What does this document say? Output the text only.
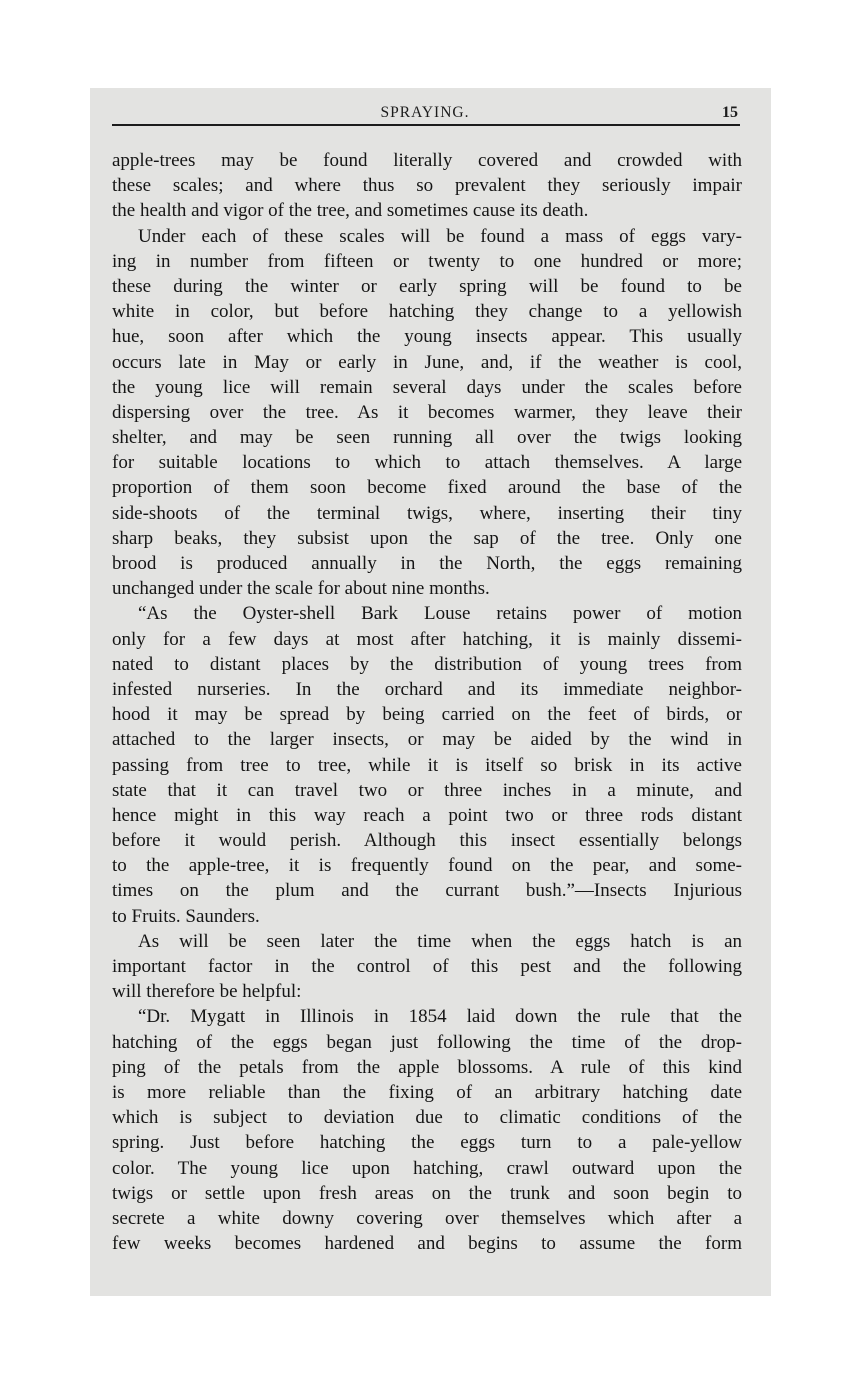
SPRAYING.	15
apple-trees may be found literally covered and crowded with
these scales; and where thus so prevalent they seriously impair
the health and vigor of the tree, and sometimes cause its death.
Under each of these scales will be found a mass of eggs vary-
ing in number from fifteen or twenty to one hundred or more;
these during the winter or early spring will be found to be
white in color, but before hatching they change to a yellowish
hue, soon after which the young insects appear. This usually
occurs late in May or early in June, and, if the weather is cool,
the young lice will remain several days under the scales before
dispersing over the tree. As it becomes warmer, they leave their
shelter, and may be seen running all over the twigs looking
for suitable locations to which to attach themselves. A large
proportion of them soon become fixed around the base of the
side-shoots of the terminal twigs, where, inserting their tiny
sharp beaks, they subsist upon the sap of the tree. Only one
brood is produced annually in the North, the eggs remaining
unchanged under the scale for about nine months.
“As the Oyster-shell Bark Louse retains power of motion
only for a few days at most after hatching, it is mainly dissemi-
nated to distant places by the distribution of young trees from
infested nurseries. In the orchard and its immediate neighbor-
hood it may be spread by being carried on the feet of birds, or
attached to the larger insects, or may be aided by the wind in
passing from tree to tree, while it is itself so brisk in its active
state that it can travel two or three inches in a minute, and
hence might in this way reach a point two or three rods distant
before it would perish. Although this insect essentially belongs
to the apple-tree, it is frequently found on the pear, and some-
times on the plum and the currant bush.”—Insects Injurious
to Fruits. Saunders.
As will be seen later the time when the eggs hatch is an
important factor in the control of this pest and the following
will therefore be helpful:
“Dr. Mygatt in Illinois in 1854 laid down the rule that the
hatching of the eggs began just following the time of the drop-
ping of the petals from the apple blossoms. A rule of this kind
is more reliable than the fixing of an arbitrary hatching date
which is subject to deviation due to climatic conditions of the
spring. Just before hatching the eggs turn to a pale-yellow
color. The young lice upon hatching, crawl outward upon the
twigs or settle upon fresh areas on the trunk and soon begin to
secrete a white downy covering over themselves which after a
few weeks becomes hardened and begins to assume the form
